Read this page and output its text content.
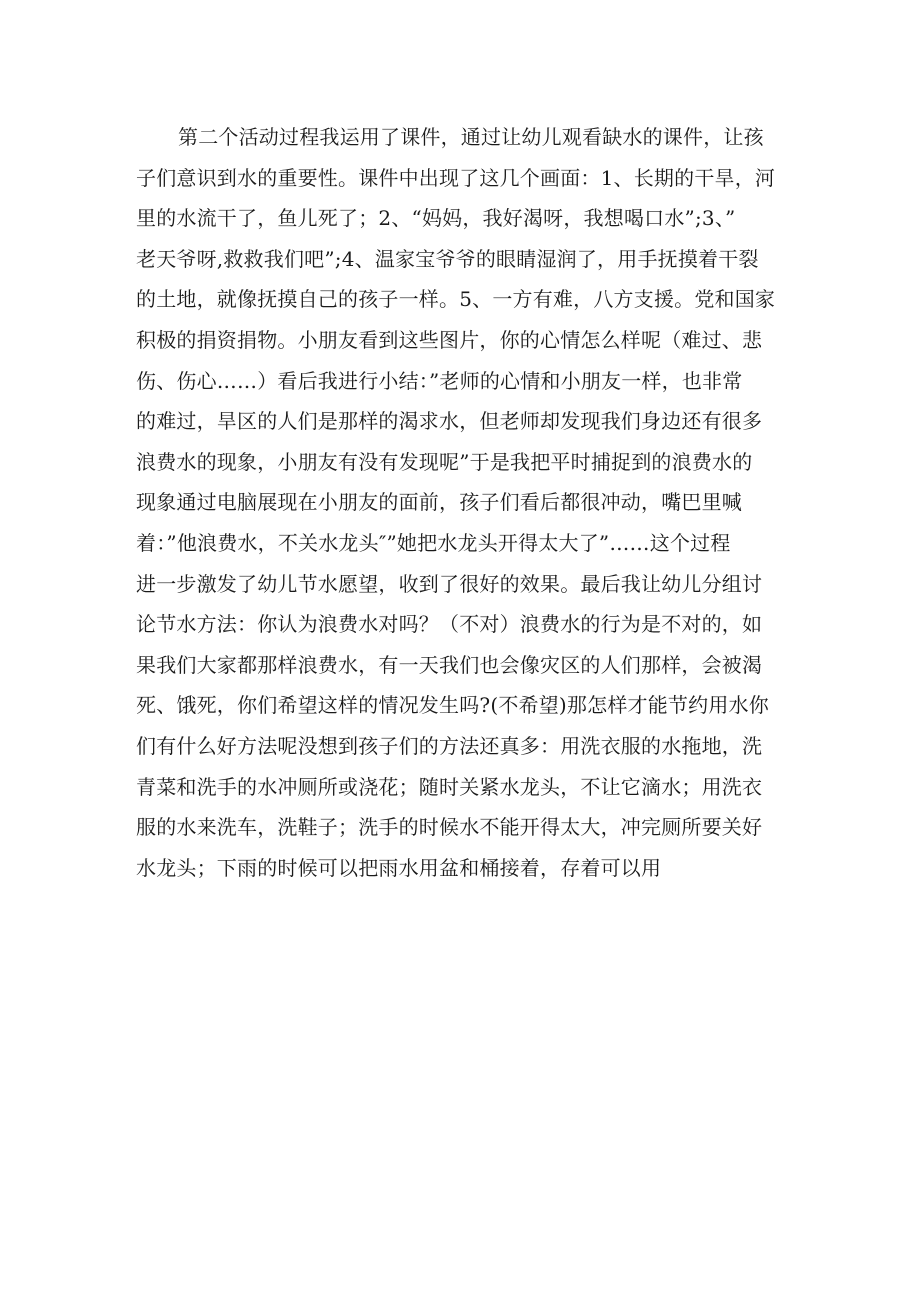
第二个活动过程我运用了课件，通过让幼儿观看缺水的课件，让孩
子们意识到水的重要性。课件中出现了这几个画面：1、长期的干旱，河
里的水流干了，鱼儿死了；2、“妈妈，我好渴呀，我想喝口水”;3、”
老天爷呀,救救我们吧”;4、温家宝爷爷的眼睛湿润了，用手抚摸着干裂
的土地，就像抚摸自己的孩子一样。5、一方有难，八方支援。党和国家
积极的捐资捐物。小朋友看到这些图片，你的心情怎么样呢（难过、悲
伤、伤心……）看后我进行小结：”老师的心情和小朋友一样，也非常
的难过，旱区的人们是那样的渴求水，但老师却发现我们身边还有很多
浪费水的现象，小朋友有没有发现呢”于是我把平时捕捉到的浪费水的
现象通过电脑展现在小朋友的面前，孩子们看后都很冲动，嘴巴里喊
着：”他浪费水，不关水龙头″”她把水龙头开得太大了”……这个过程
进一步激发了幼儿节水愿望，收到了很好的效果。最后我让幼儿分组讨
论节水方法：你认为浪费水对吗？（不对）浪费水的行为是不对的，如
果我们大家都那样浪费水，有一天我们也会像灾区的人们那样，会被渴
死、饿死，你们希望这样的情况发生吗?(不希望)那怎样才能节约用水你
们有什么好方法呢没想到孩子们的方法还真多：用洗衣服的水拖地，洗
青菜和洗手的水冲厕所或浇花；随时关紧水龙头，不让它滴水；用洗衣
服的水来洗车，洗鞋子；洗手的时候水不能开得太大，冲完厕所要关好
水龙头；下雨的时候可以把雨水用盆和桶接着，存着可以用
